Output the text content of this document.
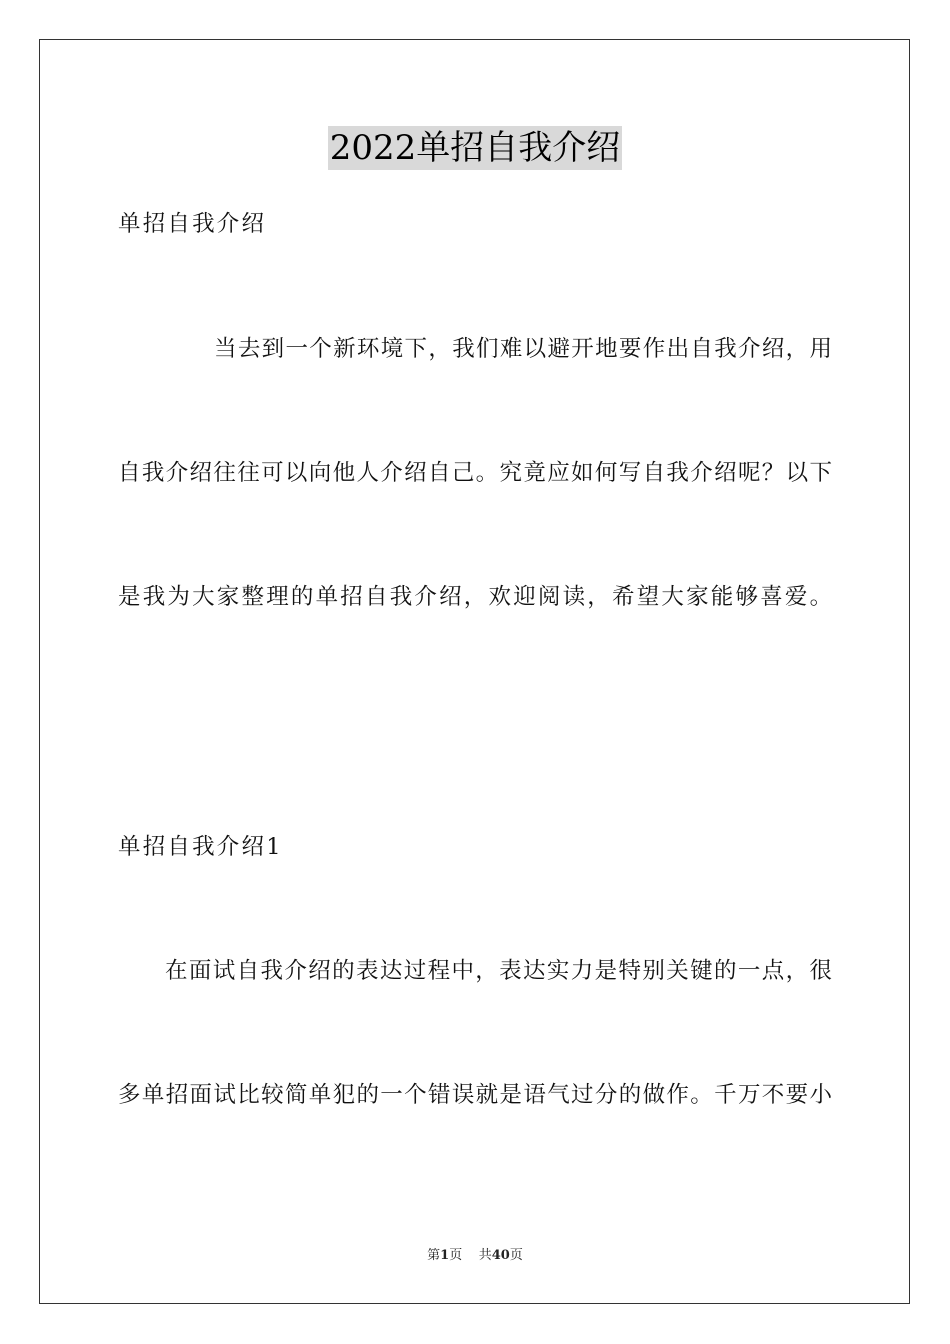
2022单招自我介绍
单招自我介绍
当去到一个新环境下，我们难以避开地要作出自我介绍，用
自我介绍往往可以向他人介绍自己。究竟应如何写自我介绍呢？以下
是我为大家整理的单招自我介绍，欢迎阅读，希望大家能够喜爱。
单招自我介绍1
在面试自我介绍的表达过程中，表达实力是特别关键的一点，很
多单招面试比较简单犯的一个错误就是语气过分的做作。千万不要小
第1页 共40页
